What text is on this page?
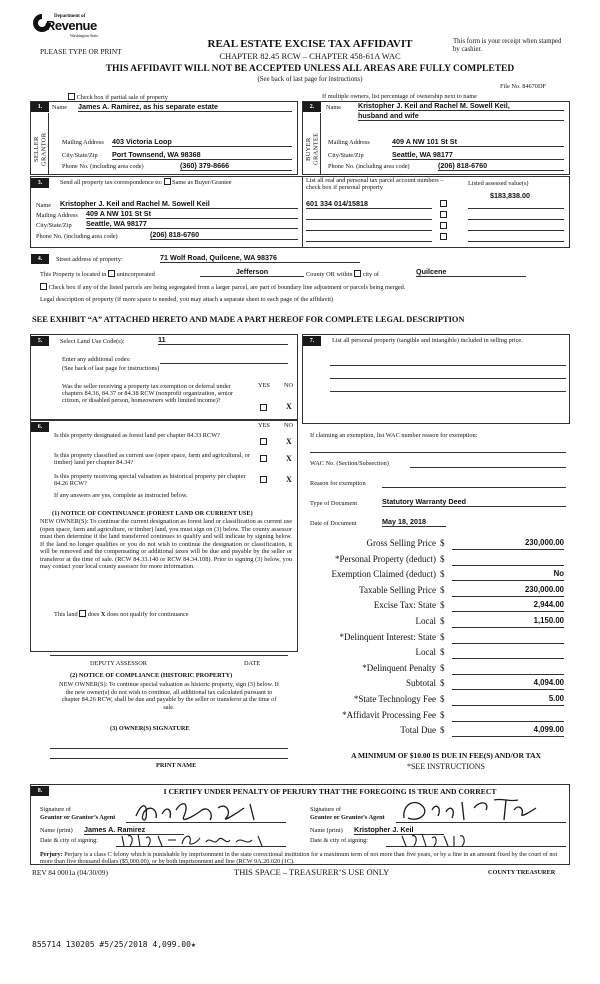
Department of
Revenue
Washington State
PLEASE TYPE OR PRINT
REAL ESTATE EXCISE TAX AFFIDAVIT
CHAPTER 82.45 RCW – CHAPTER 458-61A WAC
This form is your receipt when stamped by cashier.
THIS AFFIDAVIT WILL NOT BE ACCEPTED UNLESS ALL AREAS ARE FULLY COMPLETED
(See back of last page for instructions)
File No. 84670DF
Check box if partial sale of property	If multiple owners, list percentage of ownership next to name
1.
SELLER GRANTOR
Name James A. Ramirez, as his separate estate
Mailing Address 403 Victoria Loop
City/State/Zip Port Townsend, WA 98368
Phone No. (including area code)	(360) 379-8666
2.
BUYER GRANTEE
Name Kristopher J. Keil and Rachel M. Sowell Keil,
husband and wife
Mailing Address	409 A NW 101 St St
City/State/Zip	Seattle, WA 98177
Phone No. (including area code)	(206) 818-6760
3.	Send all property tax correspondence to: Same as Buyer/Grantee	List all real and personal tax parcel account numbers – check box if personal property
Listed assessed value(s)
Name Kristopher J. Keil and Rachel M. Sowell Keil
Mailing Address 409 A NW 101 St St
City/State/Zip Seattle, WA 98177
Phone No. (including area code)	(206) 818-6760
$183,838.00
601 334 014/15818
4.	Street address of property:	71 Wolf Road, Quilcene, WA 98376
This Property is located in unincorporated	Jefferson	County OR within city of	Quilcene
Check box if any of the listed parcels are being segregated from a larger parcel, are part of boundary line adjustment or parcels being merged.
Legal description of property (if more space is needed, you may attach a separate sheet to each page of the affidavit)
SEE EXHIBIT “A” ATTACHED HERETO AND MADE A PART HEREOF FOR COMPLETE LEGAL DESCRIPTION
5.	Select Land Use Code(s):	11
Enter any additional codes:
(See back of last page for instructions)
Was the seller receiving a property tax exemption or deferral under chapters 84.36, 84.37 or 84.38 RCW (nonprofit organization, senior citizen, or disabled person, homeowners with limited income)?
YES NO
X
6.	YES NO
Is this property designated as forest land per chapter 84.33 RCW?
X
Is this property classified as current use (open space, farm and agricultural, or timber) land per chapter 84.34?	X
Is this property receiving special valuation as historical property per chapter 84.26 RCW?	X
If any answers are yes, complete as instructed below.
(1) NOTICE OF CONTINUANCE (FOREST LAND OR CURRENT USE)
NEW OWNER(S): To continue the current designation as forest land or classification as current use (open space, farm and agriculture, or timber) land, you must sign on (3) below. The county assessor must then determine if the land transferred continues to qualify and will indicate by signing below. If the land no longer qualifies or you do not wish to continue the designation or classification, it will be removed and the compensating or additional taxes will be due and payable by the seller or transferor at the time of sale. (RCW 84.33.140 or RCW 84.34.108). Prior to signing (3) below, you may contact your local county assessor for more information.
This land does X does not qualify for continuance
DEPUTY ASSESSOR	DATE
(2) NOTICE OF COMPLIANCE (HISTORIC PROPERTY)
NEW OWNER(S): To continue special valuation as historic property, sign (3) below. If the new owner(s) do not wish to continue, all additional tax calculated pursuant to chapter 84.26 RCW, shall be due and payable by the seller or transferor at the time of sale.
(3) OWNER(S) SIGNATURE
PRINT NAME
7.	List all personal property (tangible and intangible) included in selling price.
If claiming an exemption, list WAC number reason for exemption:
WAC No. (Section/Subsection)
Reason for exemption
Type of Document	Statutory Warranty Deed
Date of Document	May 18, 2018
Gross Selling Price $	230,000.00
*Personal Property (deduct) $
Exemption Claimed (deduct) $	No
Taxable Selling Price $	230,000.00
Excise Tax: State $	2,944.00
Local $	1,150.00
*Delinquent Interest: State $
Local $
*Delinquent Penalty $
Subtotal $	4,094.00
*State Technology Fee $	5.00
*Affidavit Processing Fee $
Total Due $	4,099.00
A MINIMUM OF $10.00 IS DUE IN FEE(S) AND/OR TAX
*SEE INSTRUCTIONS
8.	I CERTIFY UNDER PENALTY OF PERJURY THAT THE FOREGOING IS TRUE AND CORRECT
Signature of
Grantor or Grantor’s Agent
Name (print) James A. Ramirez
Date & city of signing:
Signature of
Grantee or Grantee’s Agent
Name (print) Kristopher J. Keil
Date & city of signing:
Perjury: Perjury is a class C felony which is punishable by imprisonment in the state correctional institution for a maximum term of not more than five years, or by a fine in an amount fixed by the court of not more than five thousand dollars ($5,000.00), or by both imprisonment and fine (RCW 9A.20.020 (1C).
REV 84 0001a (04/30/09)	THIS SPACE – TREASURER’S USE ONLY	COUNTY TREASURER
855714 130205 #5/25/2018 4,099.00★
